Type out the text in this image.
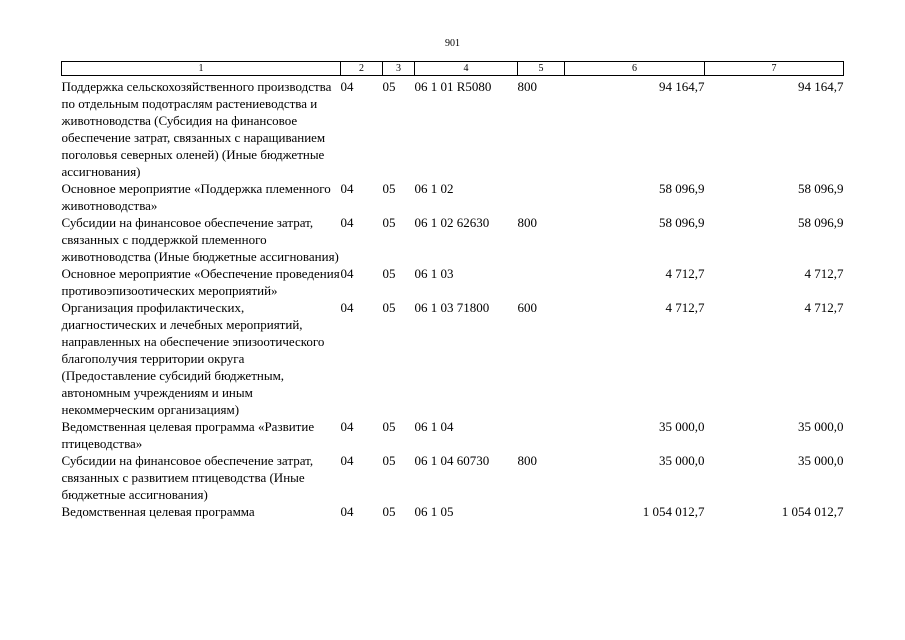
901
1	2	3	4	5	6	7
Поддержка сельскохозяйственного производства по отдельным подотраслям растениеводства и животноводства (Субсидия на финансовое обеспечение затрат, связанных с наращиванием поголовья северных оленей) (Иные бюджетные ассигнования)	04	05	06 1 01 R5080	800	94 164,7	94 164,7
Основное мероприятие «Поддержка племенного животноводства»	04	05	06 1 02		58 096,9	58 096,9
Субсидии на финансовое обеспечение затрат, связанных с поддержкой племенного животноводства (Иные бюджетные ассигнования)	04	05	06 1 02 62630	800	58 096,9	58 096,9
Основное мероприятие «Обеспечение проведения противоэпизоотических мероприятий»	04	05	06 1 03		4 712,7	4 712,7
Организация профилактических, диагностических и лечебных мероприятий, направленных на обеспечение эпизоотического благополучия территории округа (Предоставление субсидий бюджетным, автономным учреждениям и иным некоммерческим организациям)	04	05	06 1 03 71800	600	4 712,7	4 712,7
Ведомственная целевая программа «Развитие птицеводства»	04	05	06 1 04		35 000,0	35 000,0
Субсидии на финансовое обеспечение затрат, связанных с развитием птицеводства (Иные бюджетные ассигнования)	04	05	06 1 04 60730	800	35 000,0	35 000,0
Ведомственная целевая программа	04	05	06 1 05		1 054 012,7	1 054 012,7
